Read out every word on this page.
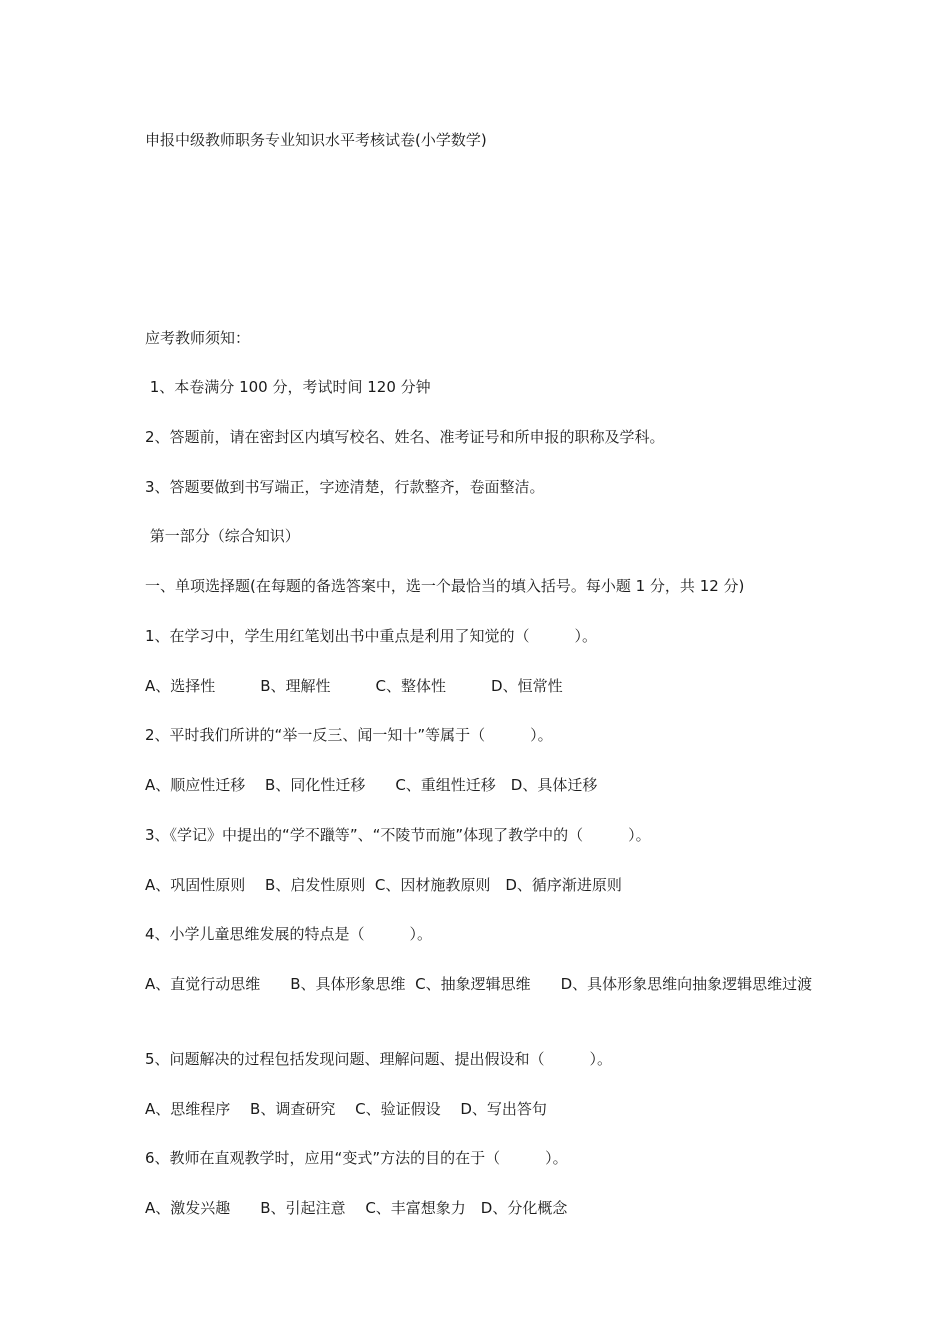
申报中级教师职务专业知识水平考核试卷(小学数学)

应考教师须知：

1、本卷满分 100 分，考试时间 120 分钟

2、答题前，请在密封区内填写校名、姓名、准考证号和所申报的职称及学科。

3、答题要做到书写端正，字迹清楚，行款整齐，卷面整洁。

第一部分（综合知识）

一、单项选择题(在每题的备选答案中，选一个最恰当的填入括号。每小题 1 分，共 12 分)

1、在学习中，学生用红笔划出书中重点是利用了知觉的（　　　）。

A、选择性　　　B、理解性　　　C、整体性　　　D、恒常性

2、平时我们所讲的“举一反三、闻一知十”等属于（　　　）。

A、顺应性迁移　 B、同化性迁移　　C、重组性迁移　D、具体迁移

3、《学记》中提出的“学不躐等”、“不陵节而施”体现了教学中的（　　　）。

A、巩固性原则　 B、启发性原则  C、因材施教原则　D、循序渐进原则

4、小学儿童思维发展的特点是（　　　）。

A、直觉行动思维　　B、具体形象思维  C、抽象逻辑思维　　D、具体形象思维向抽象逻辑思维过渡

5、问题解决的过程包括发现问题、理解问题、提出假设和（　　　）。

A、思维程序　 B、调查研究　 C、验证假设　 D、写出答句

6、教师在直观教学时，应用“变式”方法的目的在于（　　　）。

A、激发兴趣　　B、引起注意　 C、丰富想象力　D、分化概念
